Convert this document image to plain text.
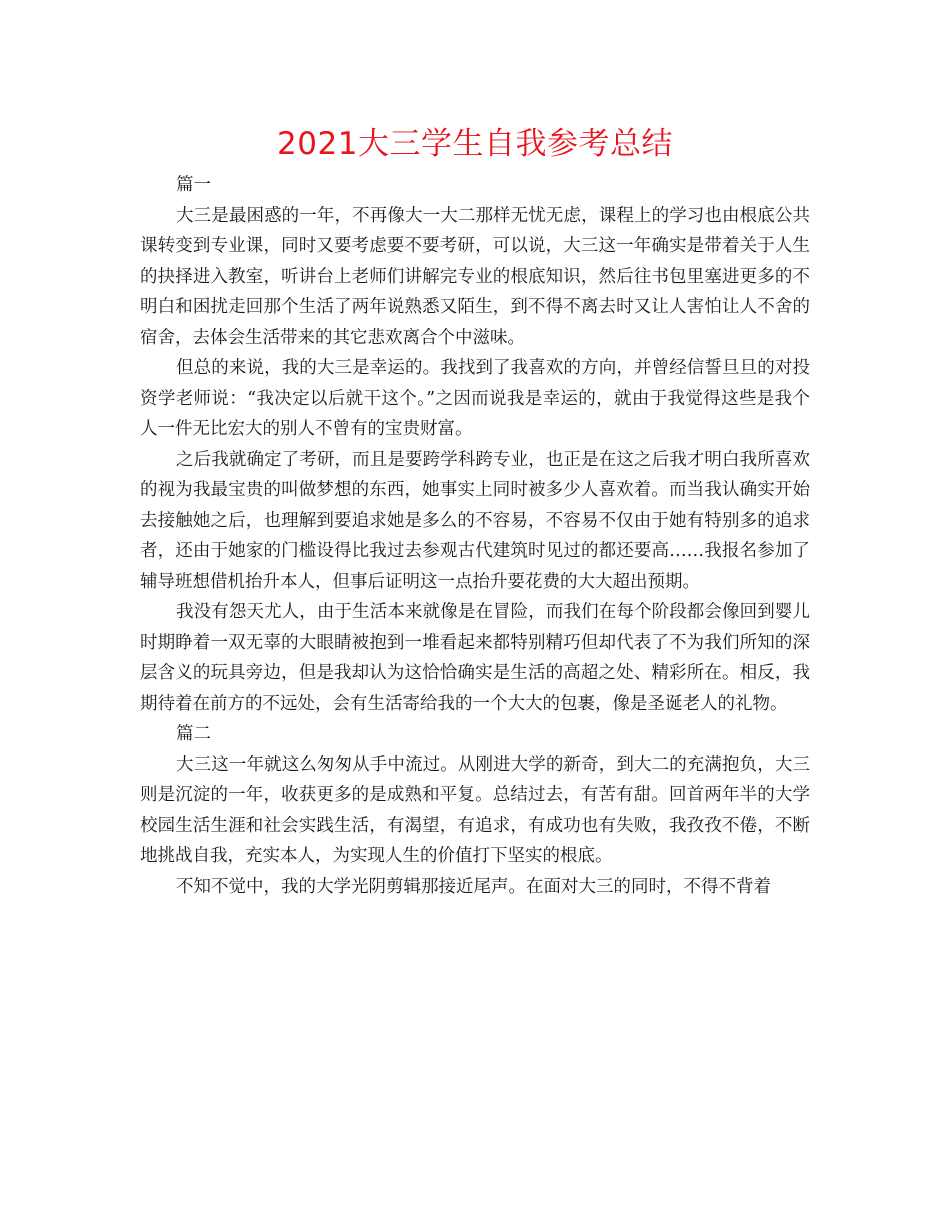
2021大三学生自我参考总结

篇一

大三是最困惑的一年，不再像大一大二那样无忧无虑，课程上的学习也由根底公共课转变到专业课，同时又要考虑要不要考研，可以说，大三这一年确实是带着关于人生的抉择进入教室，听讲台上老师们讲解完专业的根底知识，然后往书包里塞进更多的不明白和困扰走回那个生活了两年说熟悉又陌生，到不得不离去时又让人害怕让人不舍的宿舍，去体会生活带来的其它悲欢离合个中滋味。

但总的来说，我的大三是幸运的。我找到了我喜欢的方向，并曾经信誓旦旦的对投资学老师说：“我决定以后就干这个。”之因而说我是幸运的，就由于我觉得这些是我个人一件无比宏大的别人不曾有的宝贵财富。

之后我就确定了考研，而且是要跨学科跨专业，也正是在这之后我才明白我所喜欢的视为我最宝贵的叫做梦想的东西，她事实上同时被多少人喜欢着。而当我认确实开始去接触她之后，也理解到要追求她是多么的不容易，不容易不仅由于她有特别多的追求者，还由于她家的门槛设得比我过去参观古代建筑时见过的都还要高……我报名参加了辅导班想借机抬升本人，但事后证明这一点抬升要花费的大大超出预期。

我没有怨天尤人，由于生活本来就像是在冒险，而我们在每个阶段都会像回到婴儿时期睁着一双无辜的大眼睛被抱到一堆看起来都特别精巧但却代表了不为我们所知的深层含义的玩具旁边，但是我却认为这恰恰确实是生活的高超之处、精彩所在。相反，我期待着在前方的不远处，会有生活寄给我的一个大大的包裹，像是圣诞老人的礼物。

篇二

大三这一年就这么匆匆从手中流过。从刚进大学的新奇，到大二的充满抱负，大三则是沉淀的一年，收获更多的是成熟和平复。总结过去，有苦有甜。回首两年半的大学校园生活生涯和社会实践生活，有渴望，有追求，有成功也有失败，我孜孜不倦，不断地挑战自我，充实本人，为实现人生的价值打下坚实的根底。

不知不觉中，我的大学光阴剪辑那接近尾声。在面对大三的同时，不得不背着
